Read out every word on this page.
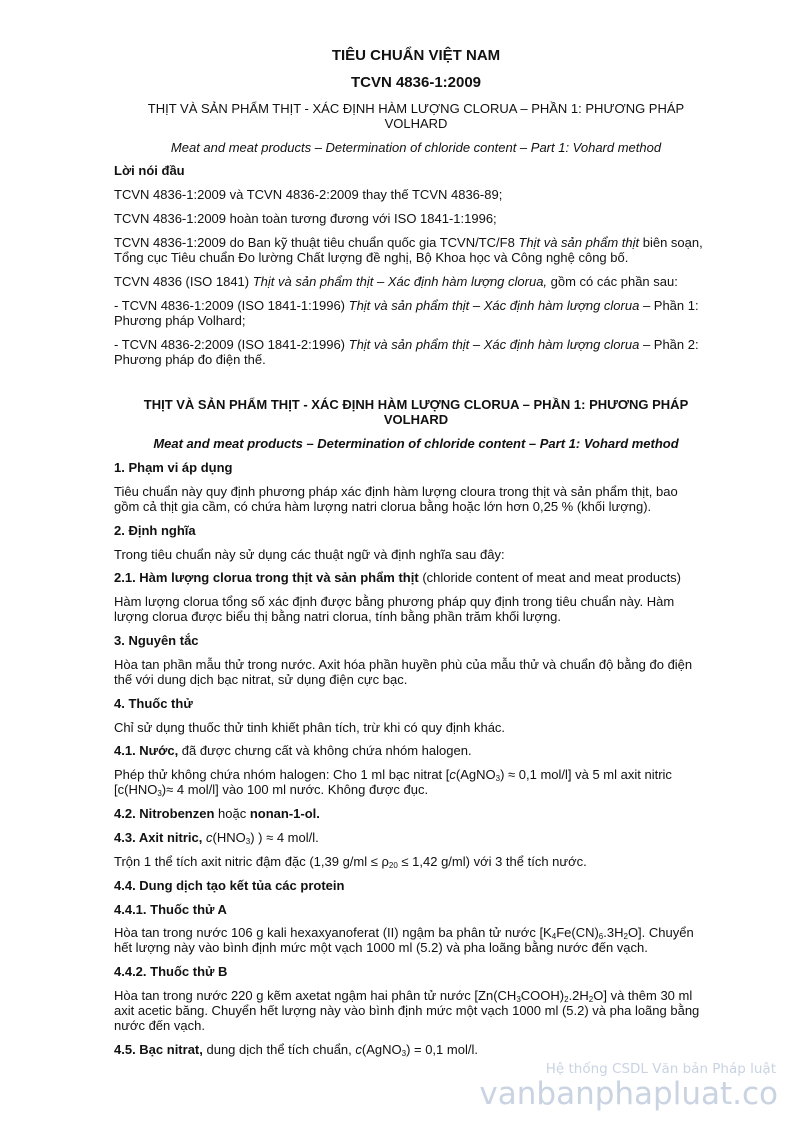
TIÊU CHUẨN VIỆT NAM
TCVN 4836-1:2009
THỊT VÀ SẢN PHẨM THỊT - XÁC ĐỊNH HÀM LƯỢNG CLORUA – PHẦN 1: PHƯƠNG PHÁP
VOLHARD
Meat and meat products – Determination of chloride content – Part 1: Vohard method
Lời nói đầu
TCVN 4836-1:2009 và TCVN 4836-2:2009 thay thế TCVN 4836-89;
TCVN 4836-1:2009 hoàn toàn tương đương với ISO 1841-1:1996;
TCVN 4836-1:2009 do Ban kỹ thuật tiêu chuẩn quốc gia TCVN/TC/F8 Thịt và sản phẩm thịt biên soạn,
Tổng cục Tiêu chuẩn Đo lường Chất lượng đề nghị, Bộ Khoa học và Công nghệ công bố.
TCVN 4836 (ISO 1841) Thịt và sản phẩm thịt – Xác định hàm lượng clorua, gồm có các phần sau:
- TCVN 4836-1:2009 (ISO 1841-1:1996) Thịt và sản phẩm thịt – Xác định hàm lượng clorua – Phần 1:
Phương pháp Volhard;
- TCVN 4836-2:2009 (ISO 1841-2:1996) Thịt và sản phẩm thịt – Xác định hàm lượng clorua – Phần 2:
Phương pháp đo điện thế.
THỊT VÀ SẢN PHẨM THỊT - XÁC ĐỊNH HÀM LƯỢNG CLORUA – PHẦN 1: PHƯƠNG PHÁP
VOLHARD
Meat and meat products – Determination of chloride content – Part 1: Vohard method
1. Phạm vi áp dụng
Tiêu chuẩn này quy định phương pháp xác định hàm lượng cloura trong thịt và sản phẩm thịt, bao
gồm cả thịt gia cầm, có chứa hàm lượng natri clorua bằng hoặc lớn hơn 0,25 % (khối lượng).
2. Định nghĩa
Trong tiêu chuẩn này sử dụng các thuật ngữ và định nghĩa sau đây:
2.1. Hàm lượng clorua trong thịt và sản phẩm thịt (chloride content of meat and meat products)
Hàm lượng clorua tổng số xác định được bằng phương pháp quy định trong tiêu chuẩn này. Hàm
lượng clorua được biểu thị bằng natri clorua, tính bằng phần trăm khối lượng.
3. Nguyên tắc
Hòa tan phần mẫu thử trong nước. Axit hóa phần huyền phù của mẫu thử và chuẩn độ bằng đo điện
thế với dung dịch bạc nitrat, sử dụng điện cực bạc.
4. Thuốc thử
Chỉ sử dụng thuốc thử tinh khiết phân tích, trừ khi có quy định khác.
4.1. Nước, đã được chưng cất và không chứa nhóm halogen.
Phép thử không chứa nhóm halogen: Cho 1 ml bạc nitrat [c(AgNO$_3$) ≈ 0,1 mol/l] và 5 ml axit nitric
[$c(HNO_3)\approx 4$ mol/l] vào 100 ml nước. Không được đục.
4.2. Nitrobenzen hoặc nonan-1-ol.
4.3. Axit nitric, $c(HNO_3)$ ) ≈ 4 mol/l.
Trộn 1 thể tích axit nitric đậm đặc (1,39 $g/ml \le \rho_{20} \le 1,42$ g/ml) với 3 thể tích nước.
4.4. Dung dịch tạo kết tủa các protein
4.4.1. Thuốc thử A
Hòa tan trong nước 106 g kali hexaxyanoferat (II) ngậm ba phân tử nước $[K_4Fe(CN)_6.3H_2O]$. Chuyển
hết lượng này vào bình định mức một vạch 1000 ml (5.2) và pha loãng bằng nước đến vạch.
4.4.2. Thuốc thử B
Hòa tan trong nước 220 g kẽm axetat ngậm hai phân tử nước $[Zn(CH_3COOH)_2.2H_2O]$ và thêm 30 ml
axit acetic băng. Chuyển hết lượng này vào bình định mức một vạch 1000 ml (5.2) và pha loãng bằng
nước đến vạch.
4.5. Bạc nitrat, dung dịch thể tích chuẩn, c(AgNO$_3$) = 0,1 mol/l.
Hệ thống CSDL Văn bản Pháp luật
vanbanphapluat.co
